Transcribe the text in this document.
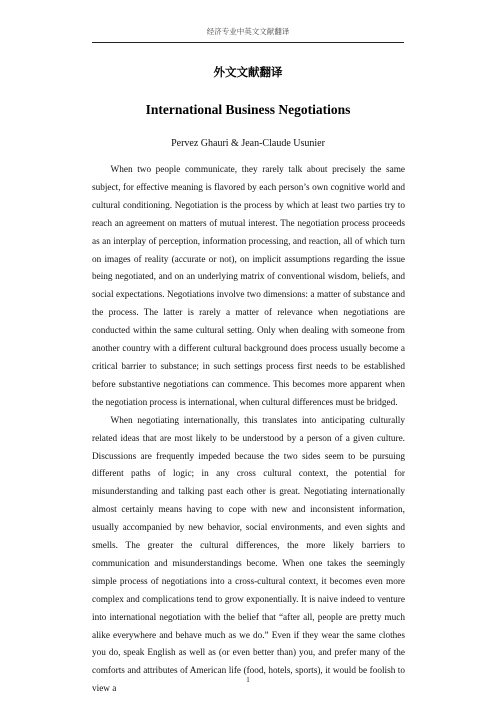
经济专业中英文文献翻译
外文文献翻译
International Business Negotiations
Pervez Ghauri & Jean-Claude Usunier

When two people communicate, they rarely talk about precisely the same subject, for effective meaning is flavored by each person’s own cognitive world and cultural conditioning. Negotiation is the process by which at least two parties try to reach an agreement on matters of mutual interest. The negotiation process proceeds as an interplay of perception, information processing, and reaction, all of which turn on images of reality (accurate or not), on implicit assumptions regarding the issue being negotiated, and on an underlying matrix of conventional wisdom, beliefs, and social expectations. Negotiations involve two dimensions: a matter of substance and the process. The latter is rarely a matter of relevance when negotiations are conducted within the same cultural setting. Only when dealing with someone from another country with a different cultural background does process usually become a critical barrier to substance; in such settings process first needs to be established before substantive negotiations can commence. This becomes more apparent when the negotiation process is international, when cultural differences must be bridged.

When negotiating internationally, this translates into anticipating culturally related ideas that are most likely to be understood by a person of a given culture. Discussions are frequently impeded because the two sides seem to be pursuing different paths of logic; in any cross cultural context, the potential for misunderstanding and talking past each other is great. Negotiating internationally almost certainly means having to cope with new and inconsistent information, usually accompanied by new behavior, social environments, and even sights and smells. The greater the cultural differences, the more likely barriers to communication and misunderstandings become. When one takes the seemingly simple process of negotiations into a cross-cultural context, it becomes even more complex and complications tend to grow exponentially. It is naive indeed to venture into international negotiation with the belief that “after all, people are pretty much alike everywhere and behave much as we do.” Even if they wear the same clothes you do, speak English as well as (or even better than) you, and prefer many of the comforts and attributes of American life (food, hotels, sports), it would be foolish to view a

1
